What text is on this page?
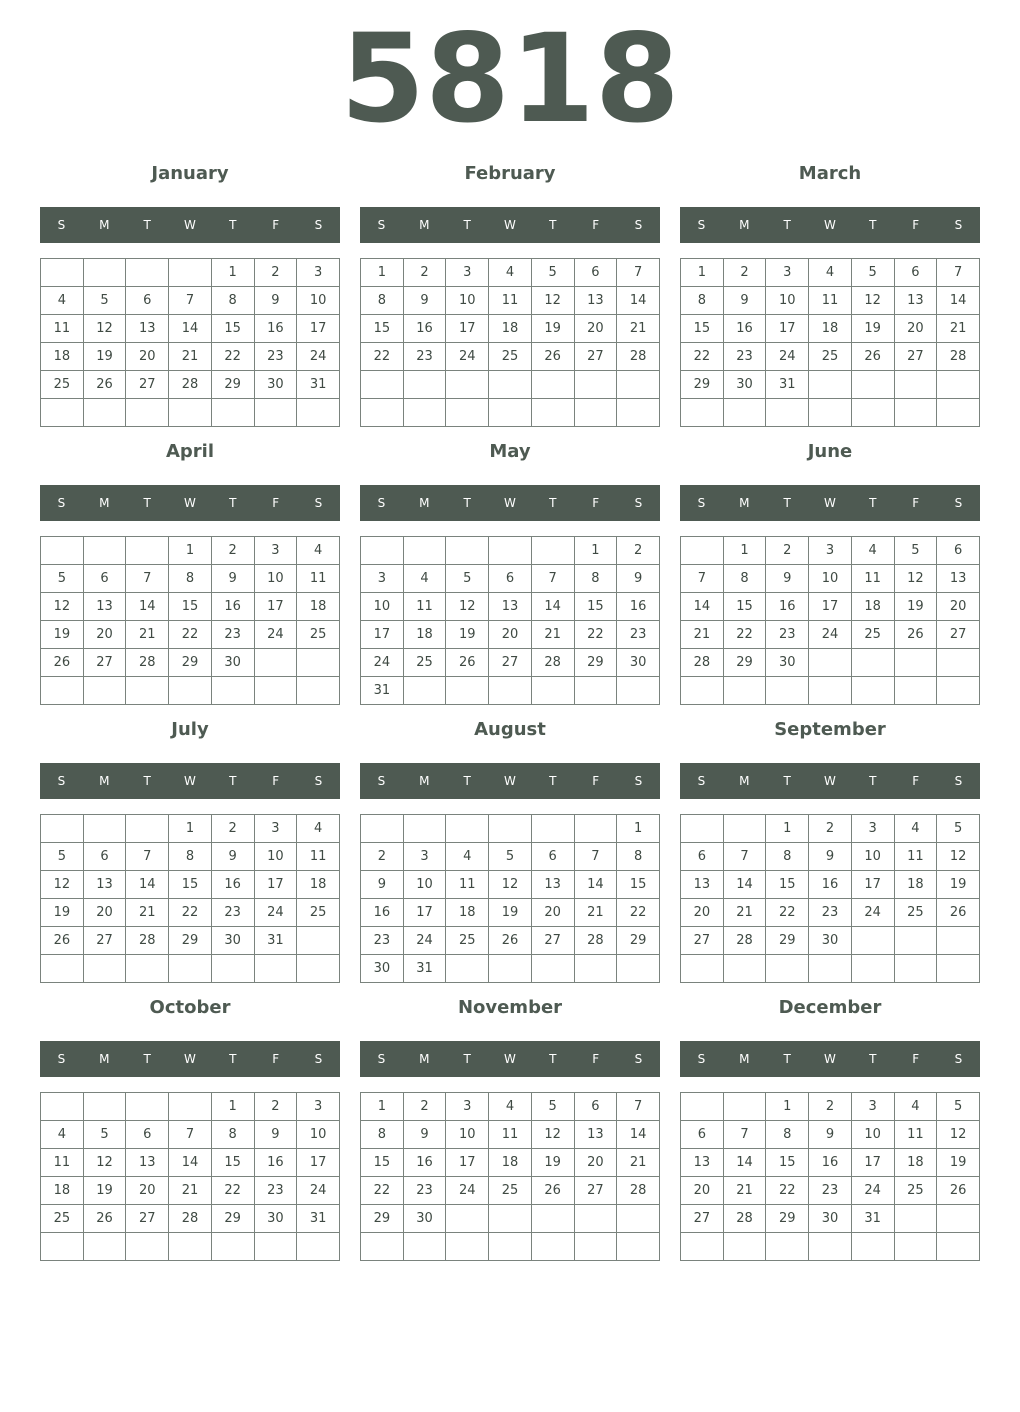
5818
January
S	M	T	W	T	F	S
				1	2	3
4	5	6	7	8	9	10
11	12	13	14	15	16	17
18	19	20	21	22	23	24
25	26	27	28	29	30	31

February
S	M	T	W	T	F	S
1	2	3	4	5	6	7
8	9	10	11	12	13	14
15	16	17	18	19	20	21
22	23	24	25	26	27	28

March
S	M	T	W	T	F	S
1	2	3	4	5	6	7
8	9	10	11	12	13	14
15	16	17	18	19	20	21
22	23	24	25	26	27	28
29	30	31				

April
S	M	T	W	T	F	S
			1	2	3	4
5	6	7	8	9	10	11
12	13	14	15	16	17	18
19	20	21	22	23	24	25
26	27	28	29	30		

May
S	M	T	W	T	F	S
					1	2
3	4	5	6	7	8	9
10	11	12	13	14	15	16
17	18	19	20	21	22	23
24	25	26	27	28	29	30
31						
June
S	M	T	W	T	F	S
	1	2	3	4	5	6
7	8	9	10	11	12	13
14	15	16	17	18	19	20
21	22	23	24	25	26	27
28	29	30				

July
S	M	T	W	T	F	S
			1	2	3	4
5	6	7	8	9	10	11
12	13	14	15	16	17	18
19	20	21	22	23	24	25
26	27	28	29	30	31	

August
S	M	T	W	T	F	S
						1
2	3	4	5	6	7	8
9	10	11	12	13	14	15
16	17	18	19	20	21	22
23	24	25	26	27	28	29
30	31					
September
S	M	T	W	T	F	S
		1	2	3	4	5
6	7	8	9	10	11	12
13	14	15	16	17	18	19
20	21	22	23	24	25	26
27	28	29	30			

October
S	M	T	W	T	F	S
				1	2	3
4	5	6	7	8	9	10
11	12	13	14	15	16	17
18	19	20	21	22	23	24
25	26	27	28	29	30	31

November
S	M	T	W	T	F	S
1	2	3	4	5	6	7
8	9	10	11	12	13	14
15	16	17	18	19	20	21
22	23	24	25	26	27	28
29	30					

December
S	M	T	W	T	F	S
		1	2	3	4	5
6	7	8	9	10	11	12
13	14	15	16	17	18	19
20	21	22	23	24	25	26
27	28	29	30	31		
